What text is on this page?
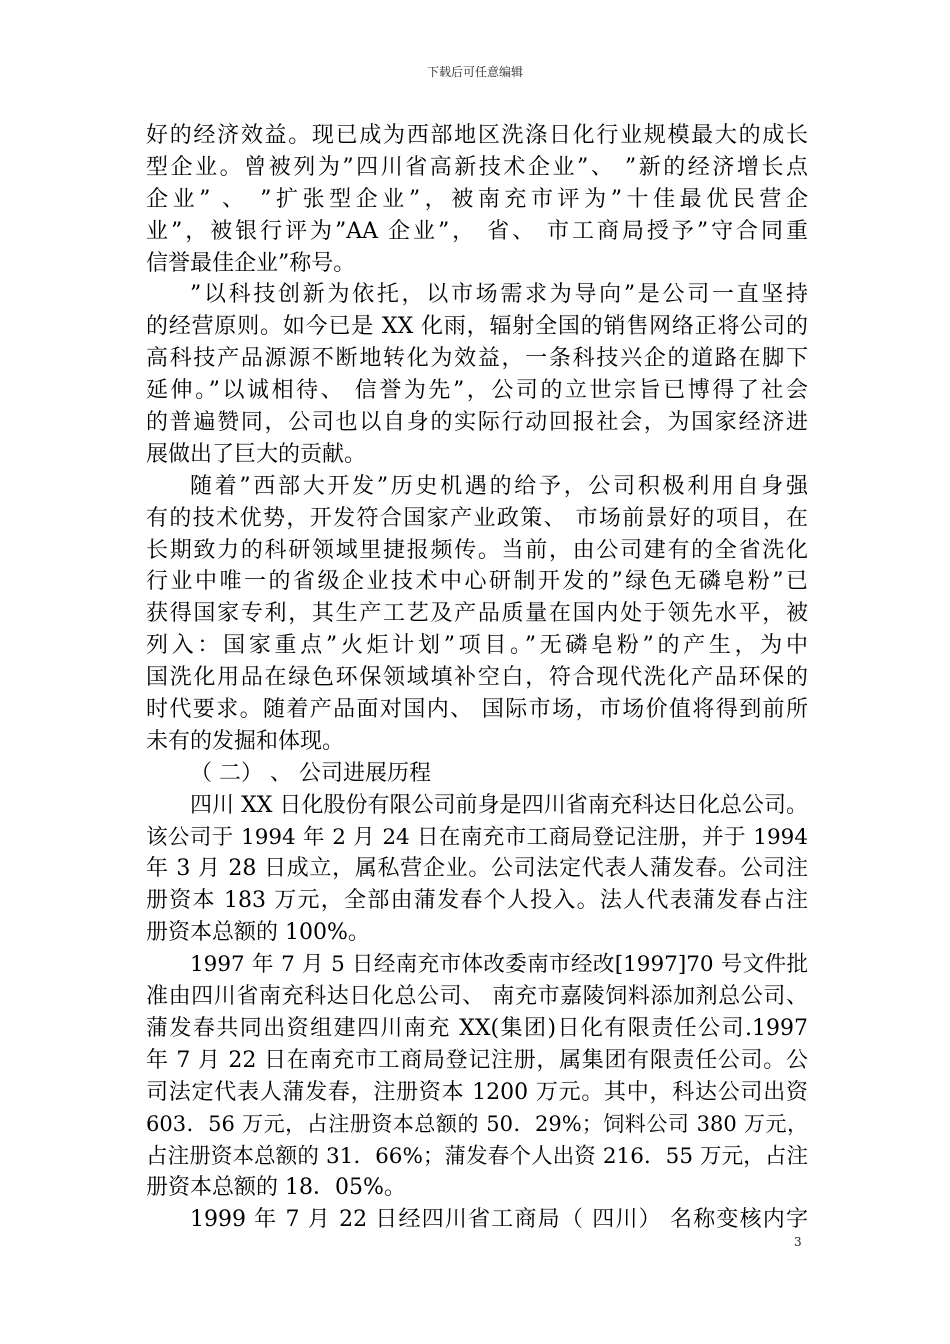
下载后可任意编辑
好的经济效益。现已成为西部地区洗涤日化行业规模最大的成长
型企业。曾被列为”四川省高新技术企业”、 ”新的经济增长点
企业” 、 ”扩张型企业”，被南充市评为”十佳最优民营企
业”，被银行评为”AA 企业”， 省、 市工商局授予”守合同重
信誉最佳企业”称号。
”以科技创新为依托，以市场需求为导向”是公司一直坚持
的经营原则。如今已是 XX 化雨，辐射全国的销售网络正将公司的
高科技产品源源不断地转化为效益，一条科技兴企的道路在脚下
延伸。”以诚相待、 信誉为先”，公司的立世宗旨已博得了社会
的普遍赞同，公司也以自身的实际行动回报社会，为国家经济进
展做出了巨大的贡献。
随着”西部大开发”历史机遇的给予，公司积极利用自身强
有的技术优势，开发符合国家产业政策、 市场前景好的项目，在
长期致力的科研领域里捷报频传。当前，由公司建有的全省洗化
行业中唯一的省级企业技术中心研制开发的”绿色无磷皂粉”已
获得国家专利，其生产工艺及产品质量在国内处于领先水平，被
列入：国家重点”火炬计划”项目。”无磷皂粉”的产生，为中
国洗化用品在绿色环保领域填补空白，符合现代洗化产品环保的
时代要求。随着产品面对国内、 国际市场，市场价值将得到前所
未有的发掘和体现。
（ 二） 、 公司进展历程
四川 XX 日化股份有限公司前身是四川省南充科达日化总公司。
该公司于 1994 年 2 月 24 日在南充市工商局登记注册，并于 1994
年 3 月 28 日成立，属私营企业。公司法定代表人蒲发春。公司注
册资本 183 万元，全部由蒲发春个人投入。法人代表蒲发春占注
册资本总额的 100%。
1997 年 7 月 5 日经南充市体改委南市经改[1997]70 号文件批
准由四川省南充科达日化总公司、 南充市嘉陵饲料添加剂总公司、
蒲发春共同出资组建四川南充 XX(集团)日化有限责任公司.1997
年 7 月 22 日在南充市工商局登记注册，属集团有限责任公司。公
司法定代表人蒲发春，注册资本 1200 万元。其中，科达公司出资
603．56 万元，占注册资本总额的 50．29%；饲料公司 380 万元，
占注册资本总额的 31．66%；蒲发春个人出资 216．55 万元，占注
册资本总额的 18．05%。
1999 年 7 月 22 日经四川省工商局（ 四川） 名称变核内字
3
